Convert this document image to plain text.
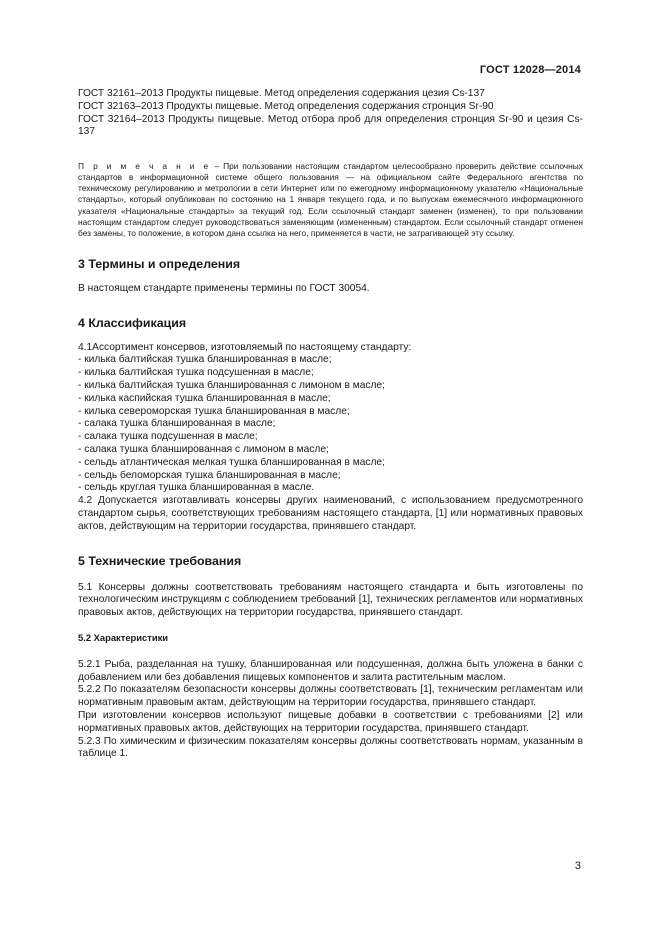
ГОСТ 12028—2014

ГОСТ 32161–2013 Продукты пищевые. Метод определения содержания цезия Cs-137

ГОСТ 32163–2013 Продукты пищевые. Метод определения содержания стронция Sr-90

ГОСТ 32164–2013 Продукты пищевые. Метод отбора проб для определения стронция Sr-90 и цезия Cs-137

П р и м е ч а н и е – При пользовании настоящим стандартом целесообразно проверить действие ссылочных стандартов в информационной системе общего пользования — на официальном сайте Федерального агентства по техническому регулированию и метрологии в сети Интернет или по ежегодному информационному указателю «Национальные стандарты», который опубликован по состоянию на 1 января текущего года, и по выпускам ежемесячного информационного указателя «Национальные стандарты» за текущий год. Если ссылочный стандарт заменен (изменен), то при пользовании настоящим стандартом следует руководствоваться заменяющим (измененным) стандартом. Если ссылочный стандарт отменен без замены, то положение, в котором дана ссылка на него, применяется в части, не затрагивающей эту ссылку.

3 Термины и определения

В настоящем стандарте применены термины по ГОСТ 30054.

4 Классификация

4.1Ассортимент консервов, изготовляемый по настоящему стандарту:

- килька балтийская тушка бланшированная в масле;
- килька балтийская тушка подсушенная в масле;
- килька балтийская тушка бланшированная с лимоном в масле;
- килька каспийская тушка бланшированная в масле;
- килька североморская тушка бланшированная в масле;
- салака тушка бланшированная в масле;
- салака тушка подсушенная в масле;
- салака тушка бланшированная с лимоном в масле;
- сельдь атлантическая мелкая тушка бланшированная в масле;
- сельдь беломорская тушка бланшированная в масле;
- сельдь круглая тушка бланшированная в масле.

4.2 Допускается изготавливать консервы других наименований, с использованием предусмотренного стандартом сырья, соответствующих требованиям настоящего стандарта, [1] или нормативных правовых актов, действующим на территории государства, принявшего стандарт.

5 Технические требования

5.1 Консервы должны соответствовать требованиям настоящего стандарта и быть изготовлены по технологическим инструкциям с соблюдением требований [1], технических регламентов или нормативных правовых актов, действующих на территории государства, принявшего стандарт.

5.2 Характеристики

5.2.1 Рыба, разделанная на тушку, бланшированная или подсушенная, должна быть уложена в банки с добавлением или без добавления пищевых компонентов и залита растительным маслом.

5.2.2 По показателям безопасности консервы должны соответствовать [1], техническим регламентам или нормативным правовым актам, действующим на территории государства, принявшего стандарт.

При изготовлении консервов используют пищевые добавки в соответствии с требованиями [2] или нормативных правовых актов, действующих на территории государства, принявшего стандарт.

5.2.3 По химическим и физическим показателям консервы должны соответствовать нормам, указанным в таблице 1.

3
